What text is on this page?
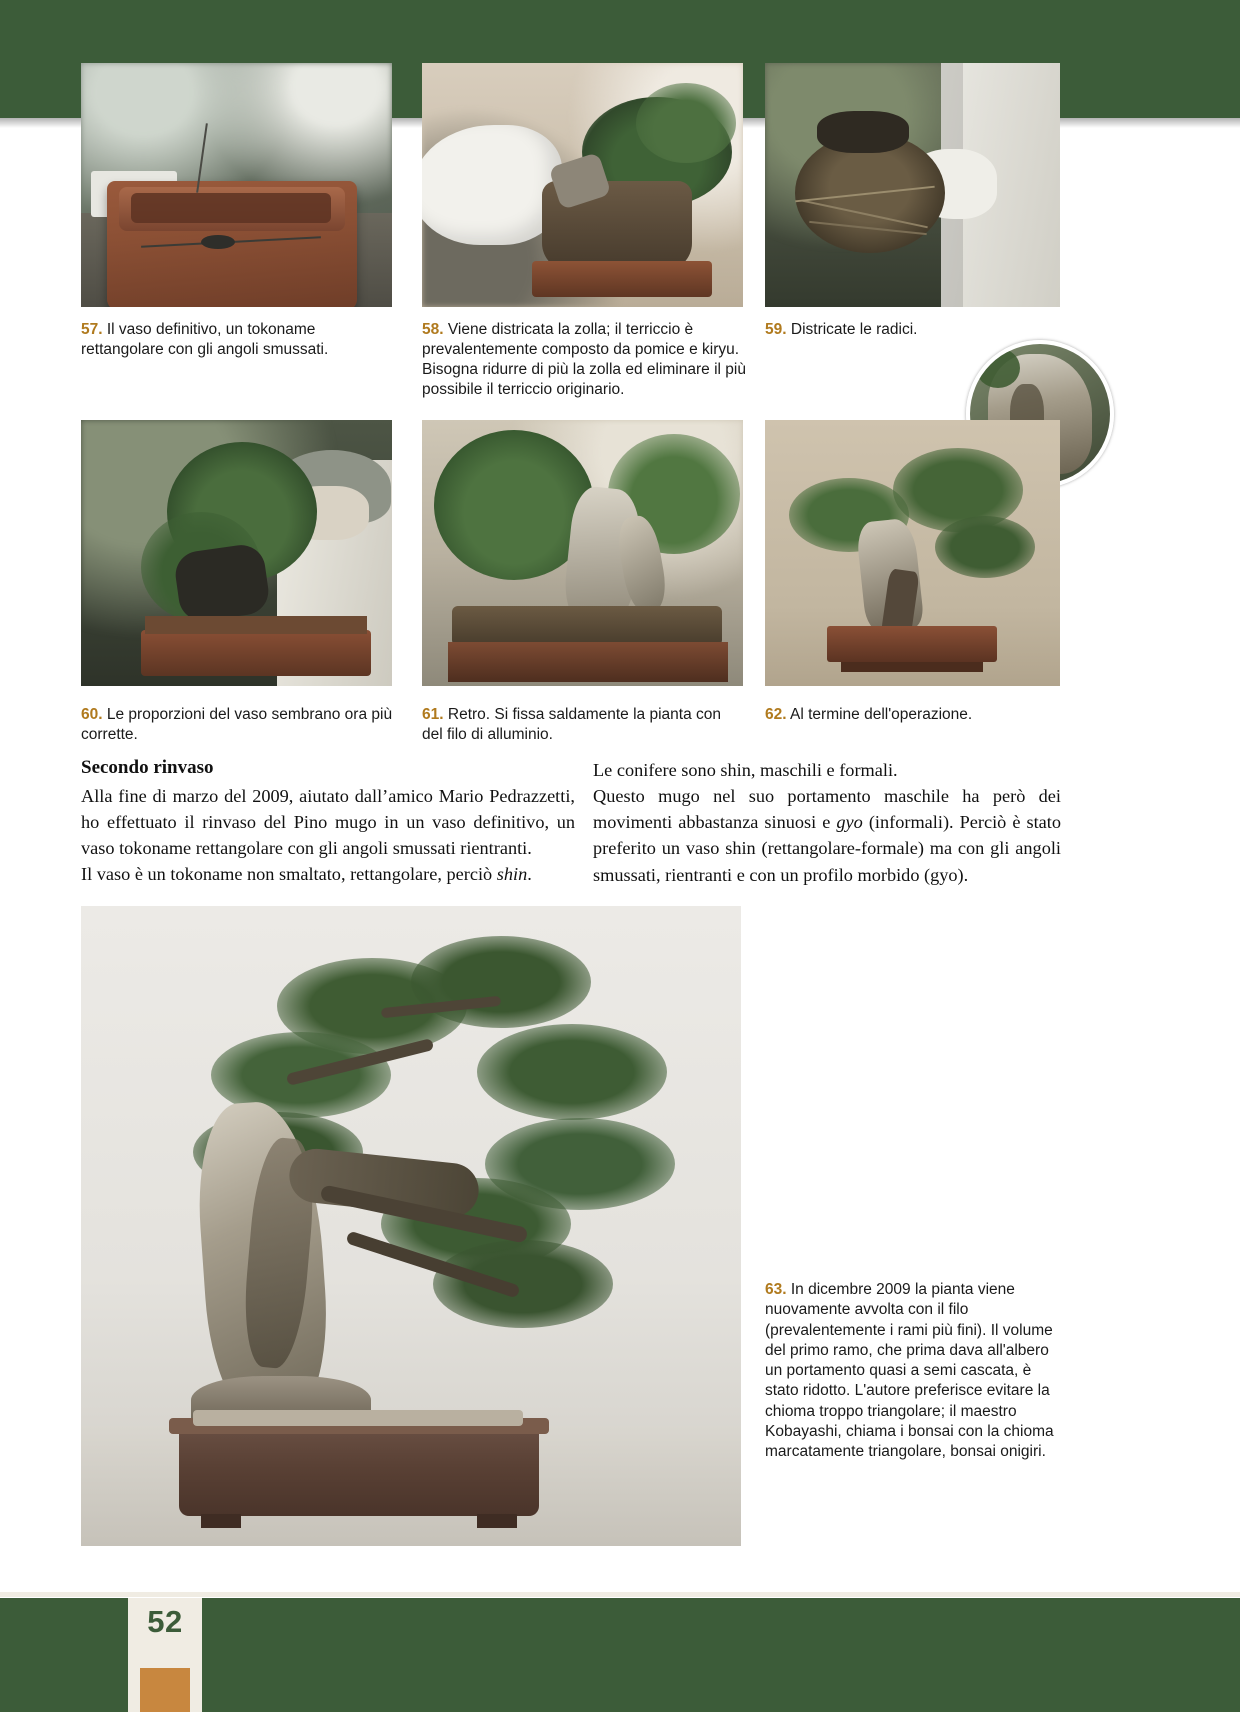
57. Il vaso definitivo, un tokoname rettangolare con gli angoli smussati.
58. Viene districata la zolla; il terriccio è prevalentemente composto da pomice e kiryu. Bisogna ridurre di più la zolla ed eliminare il più possibile il terriccio originario.
59. Districate le radici.
60. Le proporzioni del vaso sembrano ora più corrette.
61. Retro. Si fissa saldamente la pianta con del filo di alluminio.
62. Al termine dell'operazione.
Secondo rinvaso
Alla fine di marzo del 2009, aiutato dall’amico Mario Pedrazzetti, ho effettuato il rinvaso del Pino mugo in un vaso definitivo, un vaso tokoname rettangolare con gli angoli smussati rientranti.
Il vaso è un tokoname non smaltato, rettangolare, perciò shin.
Le conifere sono shin, maschili e formali.
Questo mugo nel suo portamento maschile ha però dei movimenti abbastanza sinuosi e gyo (informali). Perciò è stato preferito un vaso shin (rettangolare-formale) ma con gli angoli smussati, rientranti e con un profilo morbido (gyo).
63. In dicembre 2009 la pianta viene nuovamente avvolta con il filo (prevalentemente i rami più fini). Il volume del primo ramo, che prima dava all'albero un portamento quasi a semi cascata, è stato ridotto. L'autore preferisce evitare la chioma troppo triangolare; il maestro Kobayashi, chiama i bonsai con la chioma marcatamente triangolare, bonsai onigiri.
52
